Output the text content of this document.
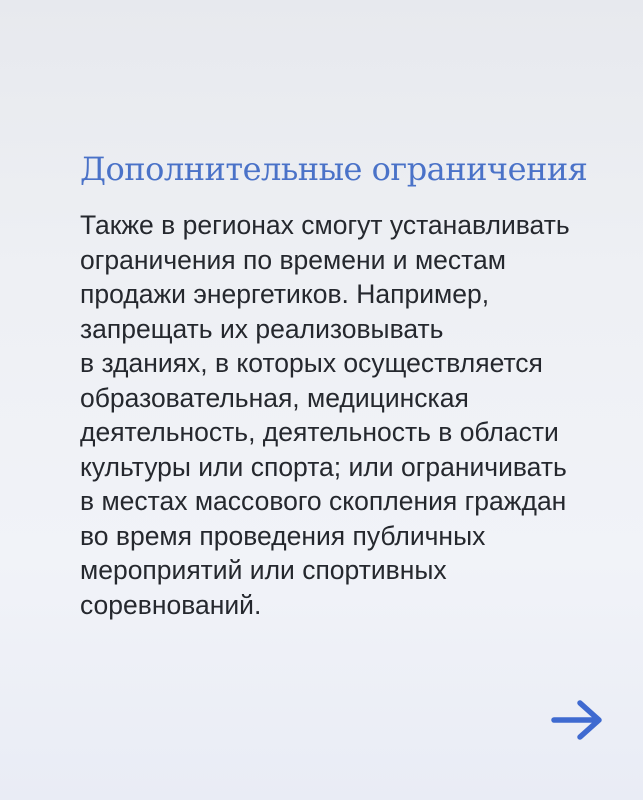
Дополнительные ограничения
Также в регионах смогут устанавливать
ограничения по времени и местам
продажи энергетиков. Например,
запрещать их реализовывать
в зданиях, в которых осуществляется
образовательная, медицинская
деятельность, деятельность в области
культуры или спорта; или ограничивать
в местах массового скопления граждан
во время проведения публичных
мероприятий или спортивных
соревнований.
